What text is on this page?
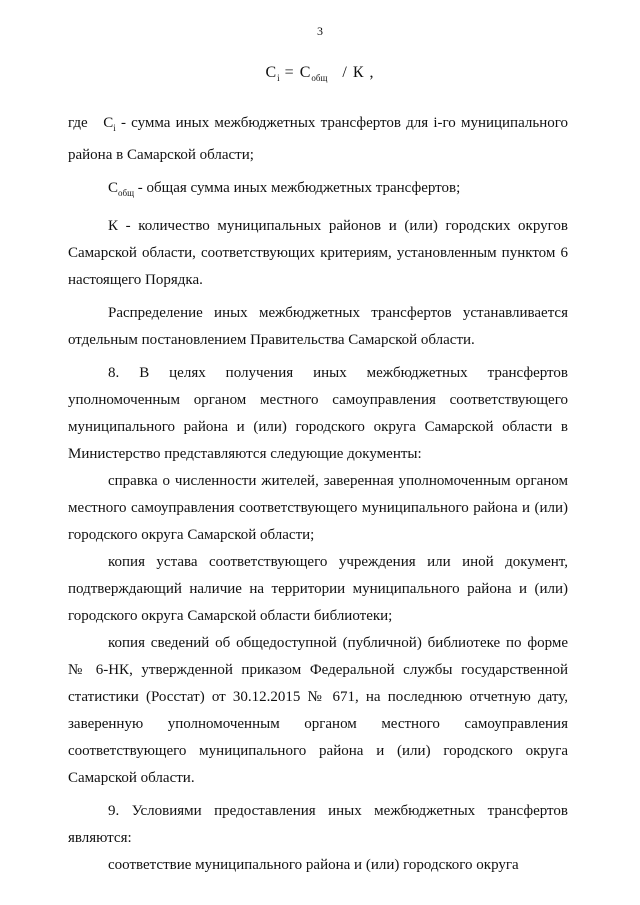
3
$C_i = C_{общ} / К$ ,

где $C_i$ - сумма иных межбюджетных трансфертов для i-го муниципального района в Самарской области;

$С_{общ}$ - общая сумма иных межбюджетных трансфертов;

К - количество муниципальных районов и (или) городских округов Самарской области, соответствующих критериям, установленным пунктом 6 настоящего Порядка.

Распределение иных межбюджетных трансфертов устанавливается отдельным постановлением Правительства Самарской области.

8. В целях получения иных межбюджетных трансфертов уполномоченным органом местного самоуправления соответствующего муниципального района и (или) городского округа Самарской области в Министерство представляются следующие документы:

справка о численности жителей, заверенная уполномоченным органом местного самоуправления соответствующего муниципального района и (или) городского округа Самарской области;

копия устава соответствующего учреждения или иной документ, подтверждающий наличие на территории муниципального района и (или) городского округа Самарской области библиотеки;

копия сведений об общедоступной (публичной) библиотеке по форме № 6-НК, утвержденной приказом Федеральной службы государственной статистики (Росстат) от 30.12.2015 № 671, на последнюю отчетную дату, заверенную уполномоченным органом местного самоуправления соответствующего муниципального района и (или) городского округа Самарской области.

9. Условиями предоставления иных межбюджетных трансфертов являются:

соответствие муниципального района и (или) городского округа
